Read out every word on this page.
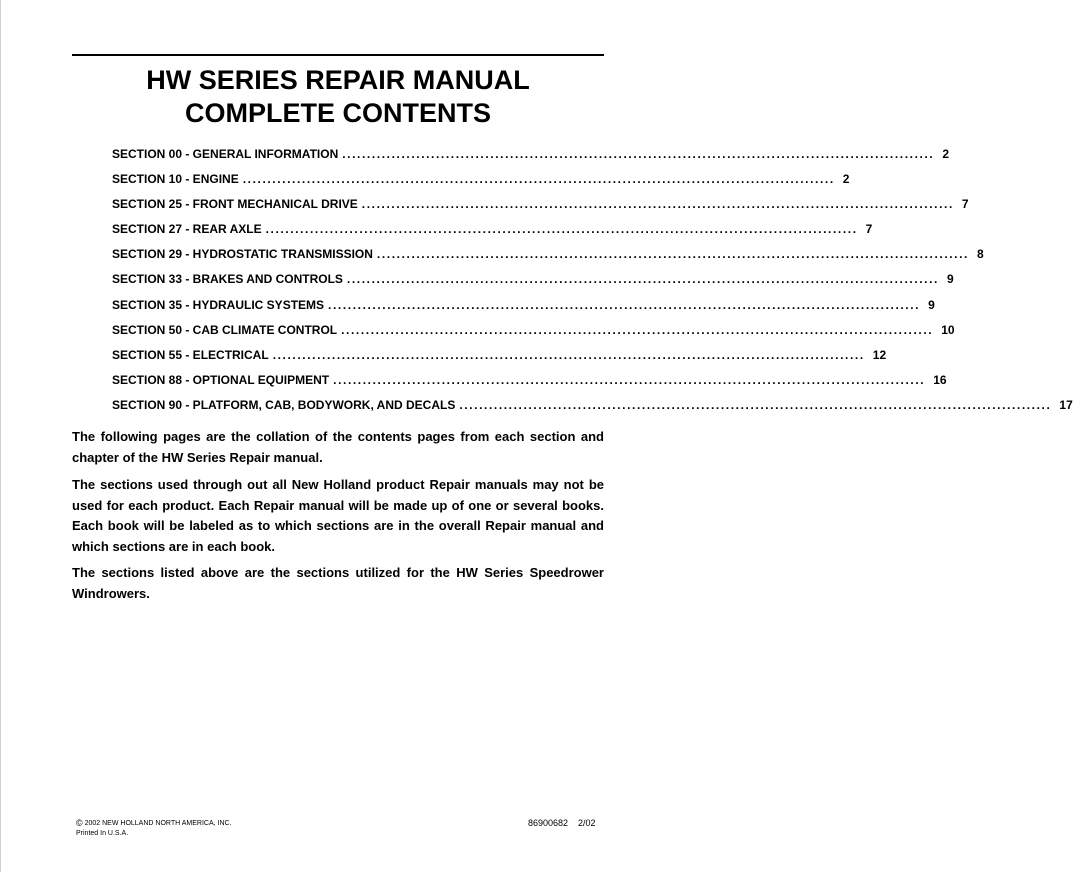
HW SERIES REPAIR MANUAL
COMPLETE CONTENTS
SECTION 00 - GENERAL INFORMATION ........................................................................................................................ 2
SECTION 10 - ENGINE ........................................................................................................................ 2
SECTION 25 - FRONT MECHANICAL DRIVE ........................................................................................................................ 7
SECTION 27 - REAR AXLE ........................................................................................................................ 7
SECTION 29 - HYDROSTATIC TRANSMISSION ........................................................................................................................ 8
SECTION 33 - BRAKES AND CONTROLS ........................................................................................................................ 9
SECTION 35 - HYDRAULIC SYSTEMS ........................................................................................................................ 9
SECTION 50 - CAB CLIMATE CONTROL ........................................................................................................................ 10
SECTION 55 - ELECTRICAL ........................................................................................................................ 12
SECTION 88 - OPTIONAL EQUIPMENT ........................................................................................................................ 16
SECTION 90 - PLATFORM, CAB, BODYWORK, AND DECALS ........................................................................................................................ 17

The following pages are the collation of the contents pages from each section and chapter of the HW Series Repair manual.

The sections used through out all New Holland product Repair manuals may not be used for each product. Each Repair manual will be made up of one or several books. Each book will be labeled as to which sections are in the overall Repair manual and which sections are in each book.

The sections listed above are the sections utilized for the HW Series Speedrower Windrowers.

© 2002 NEW HOLLAND NORTH AMERICA, INC.
Printed In U.S.A.
86900682 2/02
